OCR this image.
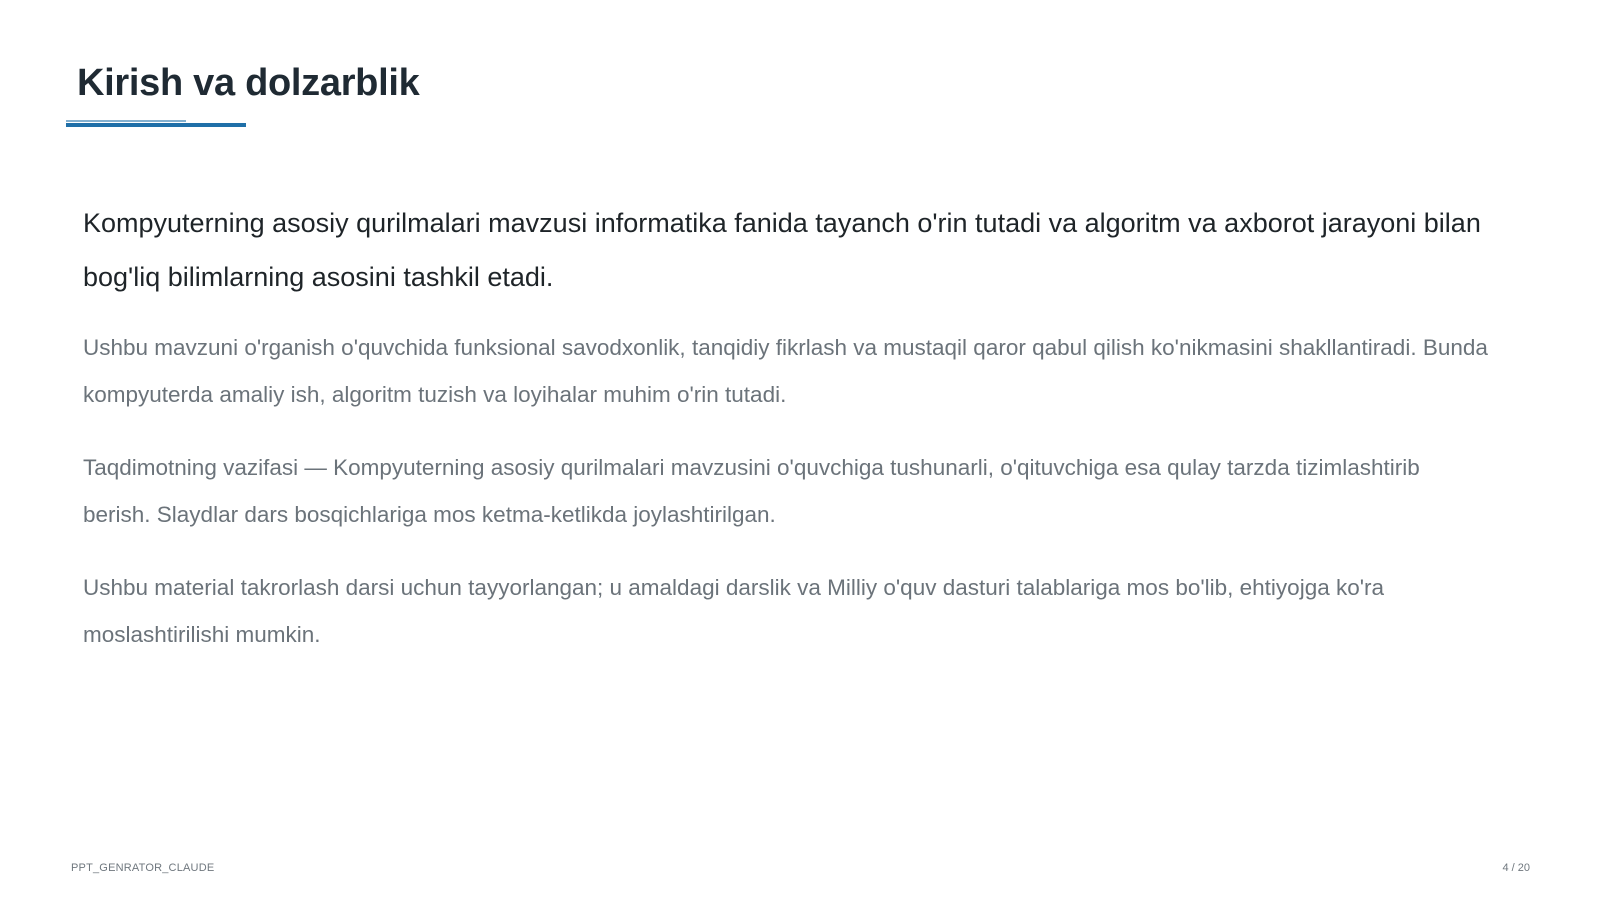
Kirish va dolzarblik

Kompyuterning asosiy qurilmalari mavzusi informatika fanida tayanch o'rin tutadi va algoritm va axborot jarayoni bilan bog'liq bilimlarning asosini tashkil etadi.

Ushbu mavzuni o'rganish o'quvchida funksional savodxonlik, tanqidiy fikrlash va mustaqil qaror qabul qilish ko'nikmasini shakllantiradi. Bunda kompyuterda amaliy ish, algoritm tuzish va loyihalar muhim o'rin tutadi.

Taqdimotning vazifasi — Kompyuterning asosiy qurilmalari mavzusini o'quvchiga tushunarli, o'qituvchiga esa qulay tarzda tizimlashtirib berish. Slaydlar dars bosqichlariga mos ketma-ketlikda joylashtirilgan.

Ushbu material takrorlash darsi uchun tayyorlangan; u amaldagi darslik va Milliy o'quv dasturi talablariga mos bo'lib, ehtiyojga ko'ra moslashtirilishi mumkin.

PPT_GENRATOR_CLAUDE	4 / 20
